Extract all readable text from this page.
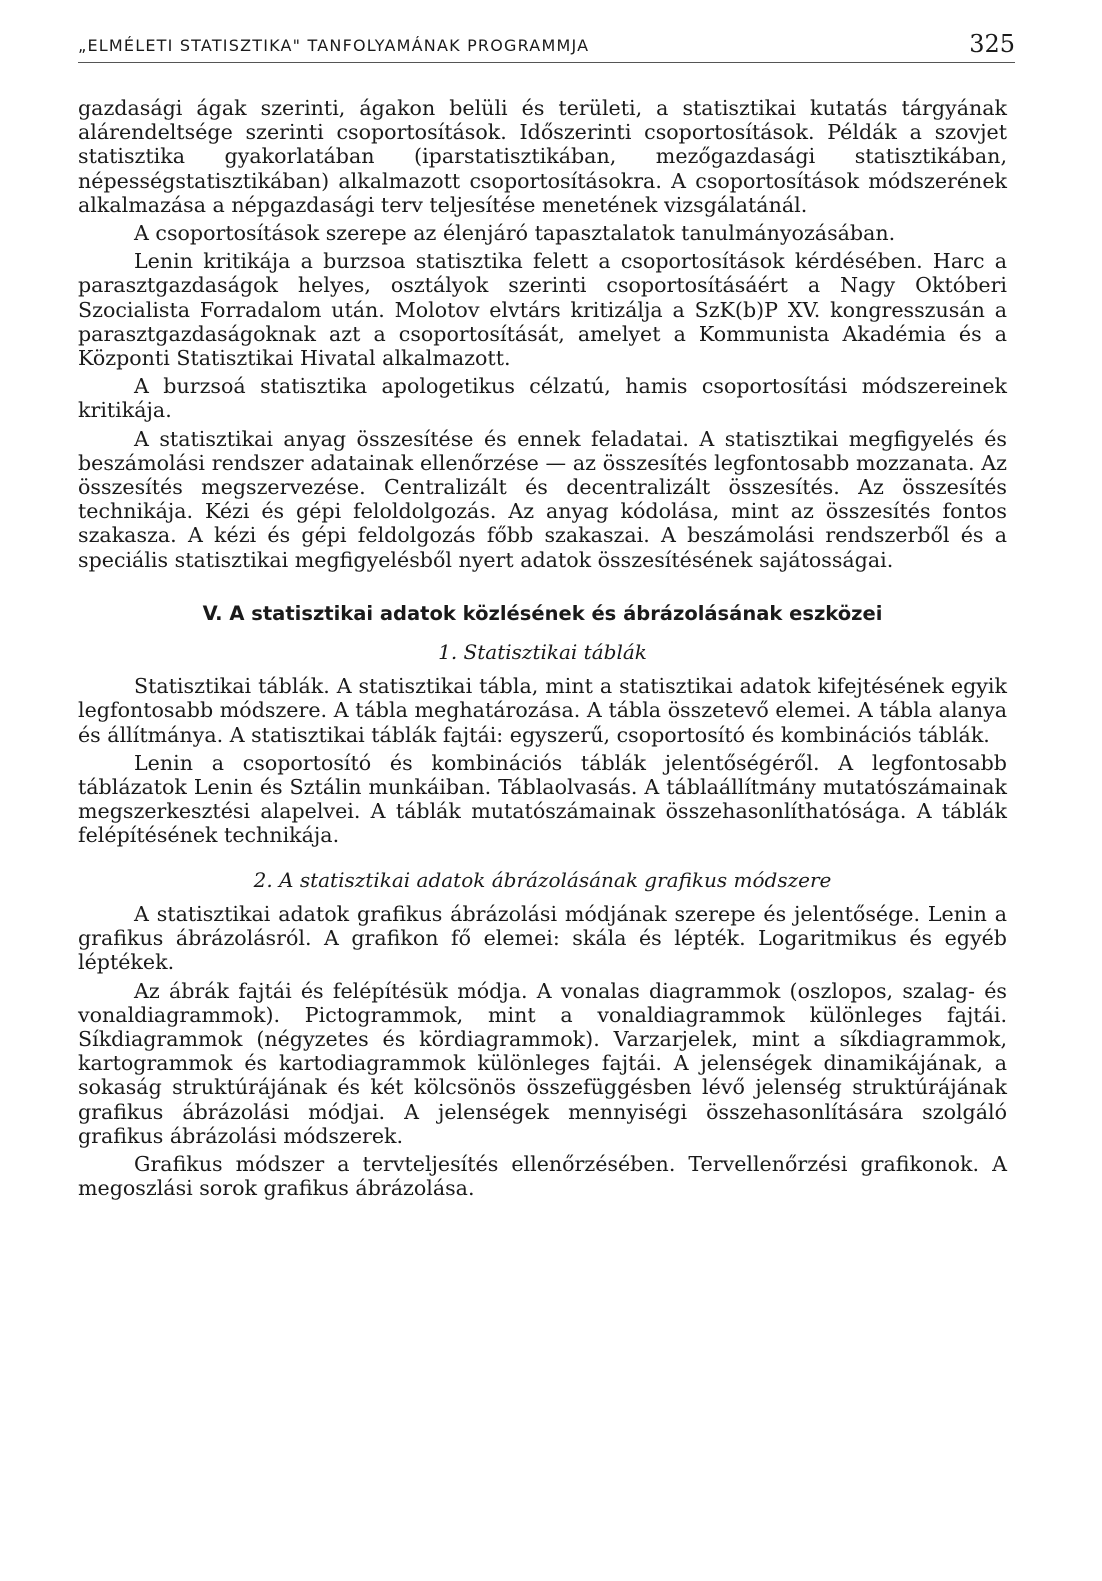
„ELMÉLETI STATISZTIKA" TANFOLYAMÁNAK PROGRAMMJA	325

gazdasági ágak szerinti, ágakon belüli és területi, a statisztikai kutatás tárgyának alárendeltsége szerinti csoportosítások. Időszerinti csoportosítások. Példák a szovjet statisztika gyakorlatában (iparstatisztikában, mezőgazdasági statisztikában, népességstatisztikában) alkalmazott csoportosításokra. A csoportosítások módszerének alkalmazása a népgazdasági terv teljesítése menetének vizsgálatánál.

A csoportosítások szerepe az élenjáró tapasztalatok tanulmányozásában.

Lenin kritikája a burzsoa statisztika felett a csoportosítások kérdésében. Harc a parasztgazdaságok helyes, osztályok szerinti csoportosításáért a Nagy Októberi Szocialista Forradalom után. Molotov elvtárs kritizálja a SzK(b)P XV. kongresszusán a parasztgazdaságoknak azt a csoportosítását, amelyet a Kommunista Akadémia és a Központi Statisztikai Hivatal alkalmazott.

A burzsoá statisztika apologetikus célzatú, hamis csoportosítási módszereinek kritikája.

A statisztikai anyag összesítése és ennek feladatai. A statisztikai megfigyelés és beszámolási rendszer adatainak ellenőrzése — az összesítés legfontosabb mozzanata. Az összesítés megszervezése. Centralizált és decentralizált összesítés. Az összesítés technikája. Kézi és gépi feloldolgozás. Az anyag kódolása, mint az összesítés fontos szakasza. A kézi és gépi feldolgozás főbb szakaszai. A beszámolási rendszerből és a speciális statisztikai megfigyelésből nyert adatok összesítésének sajátosságai.

V. A statisztikai adatok közlésének és ábrázolásának eszközei
1. Statisztikai táblák

Statisztikai táblák. A statisztikai tábla, mint a statisztikai adatok kifejtésének egyik legfontosabb módszere. A tábla meghatározása. A tábla összetevő elemei. A tábla alanya és állítmánya. A statisztikai táblák fajtái: egyszerű, csoportosító és kombinációs táblák.

Lenin a csoportosító és kombinációs táblák jelentőségéről. A legfontosabb táblázatok Lenin és Sztálin munkáiban. Táblaolvasás. A táblaállítmány mutatószámainak megszerkesztési alapelvei. A táblák mutatószámainak összehasonlíthatósága. A táblák felépítésének technikája.

2. A statisztikai adatok ábrázolásának grafikus módszere

A statisztikai adatok grafikus ábrázolási módjának szerepe és jelentősége. Lenin a grafikus ábrázolásról. A grafikon fő elemei: skála és lépték. Logaritmikus és egyéb léptékek.

Az ábrák fajtái és felépítésük módja. A vonalas diagrammok (oszlopos, szalag- és vonaldiagrammok). Pictogrammok, mint a vonaldiagrammok különleges fajtái. Síkdiagrammok (négyzetes és kördiagrammok). Varzarjelek, mint a síkdiagrammok, kartogrammok és kartodiagrammok különleges fajtái. A jelenségek dinamikájának, a sokaság struktúrájának és két kölcsönös összefüggésben lévő jelenség struktúrájának grafikus ábrázolási módjai. A jelenségek mennyiségi összehasonlítására szolgáló grafikus ábrázolási módszerek.

Grafikus módszer a tervteljesítés ellenőrzésében. Tervellenőrzési grafikonok. A megoszlási sorok grafikus ábrázolása.
